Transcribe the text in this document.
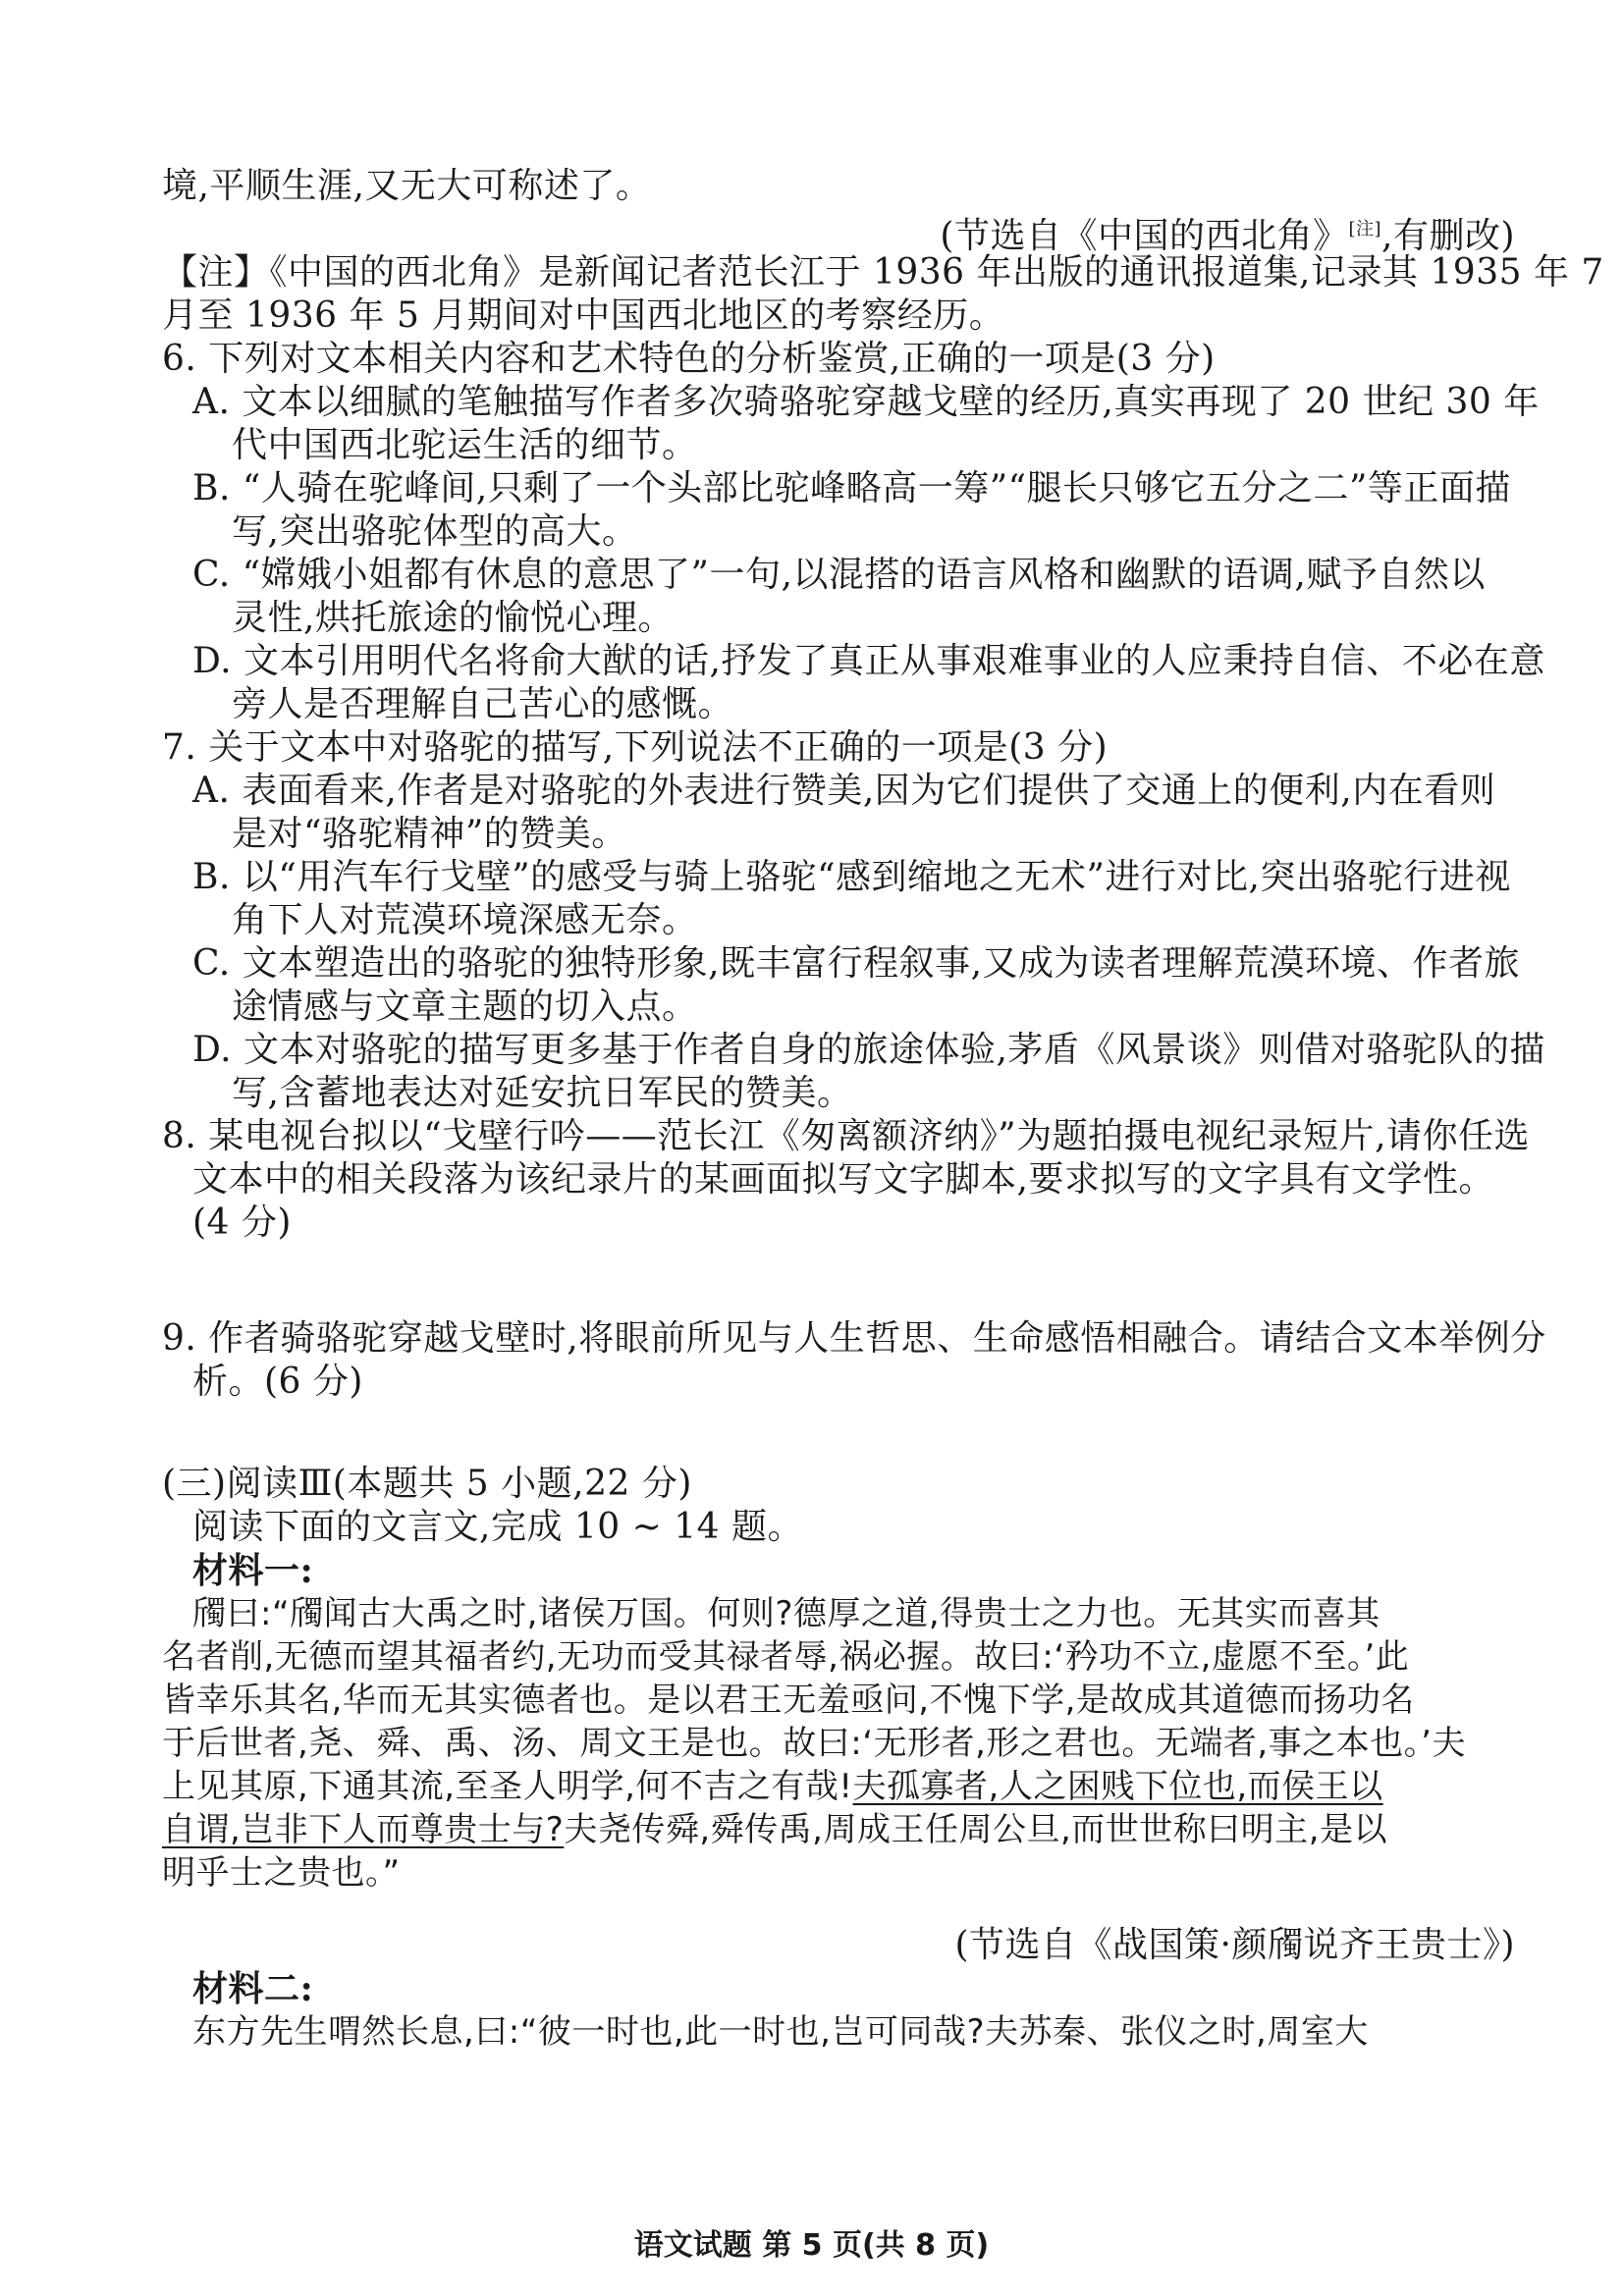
境,平顺生涯,又无大可称述了。
(节选自《中国的西北角》[注],有删改)
【注】《中国的西北角》是新闻记者范长江于 1936 年出版的通讯报道集,记录其 1935 年 7
月至 1936 年 5 月期间对中国西北地区的考察经历。
6. 下列对文本相关内容和艺术特色的分析鉴赏,正确的一项是(3 分)
A. 文本以细腻的笔触描写作者多次骑骆驼穿越戈壁的经历,真实再现了 20 世纪 30 年
代中国西北驼运生活的细节。
B. “人骑在驼峰间,只剩了一个头部比驼峰略高一筹”“腿长只够它五分之二”等正面描
写,突出骆驼体型的高大。
C. “嫦娥小姐都有休息的意思了”一句,以混搭的语言风格和幽默的语调,赋予自然以
灵性,烘托旅途的愉悦心理。
D. 文本引用明代名将俞大猷的话,抒发了真正从事艰难事业的人应秉持自信、不必在意
旁人是否理解自己苦心的感慨。
7. 关于文本中对骆驼的描写,下列说法不正确的一项是(3 分)
A. 表面看来,作者是对骆驼的外表进行赞美,因为它们提供了交通上的便利,内在看则
是对“骆驼精神”的赞美。
B. 以“用汽车行戈壁”的感受与骑上骆驼“感到缩地之无术”进行对比,突出骆驼行进视
角下人对荒漠环境深感无奈。
C. 文本塑造出的骆驼的独特形象,既丰富行程叙事,又成为读者理解荒漠环境、作者旅
途情感与文章主题的切入点。
D. 文本对骆驼的描写更多基于作者自身的旅途体验,茅盾《风景谈》则借对骆驼队的描
写,含蓄地表达对延安抗日军民的赞美。
8. 某电视台拟以“戈壁行吟——范长江《匆离额济纳》”为题拍摄电视纪录短片,请你任选
文本中的相关段落为该纪录片的某画面拟写文字脚本,要求拟写的文字具有文学性。
(4 分)
9. 作者骑骆驼穿越戈壁时,将眼前所见与人生哲思、生命感悟相融合。请结合文本举例分
析。(6 分)
(三)阅读Ⅲ(本题共 5 小题,22 分)
阅读下面的文言文,完成 10 ~ 14 题。
材料一:
斶曰:“斶闻古大禹之时,诸侯万国。何则?德厚之道,得贵士之力也。无其实而喜其
名者削,无德而望其福者约,无功而受其禄者辱,祸必握。故曰:‘矜功不立,虚愿不至。’此
皆幸乐其名,华而无其实德者也。是以君王无羞亟问,不愧下学,是故成其道德而扬功名
于后世者,尧、舜、禹、汤、周文王是也。故曰:‘无形者,形之君也。无端者,事之本也。’夫
上见其原,下通其流,至圣人明学,何不吉之有哉!夫孤寡者,人之困贱下位也,而侯王以
自谓,岂非下人而尊贵士与?夫尧传舜,舜传禹,周成王任周公旦,而世世称曰明主,是以
明乎士之贵也。”
(节选自《战国策·颜斶说齐王贵士》)
材料二:
东方先生喟然长息,曰:“彼一时也,此一时也,岂可同哉?夫苏秦、张仪之时,周室大
语文试题 第 5 页(共 8 页)
